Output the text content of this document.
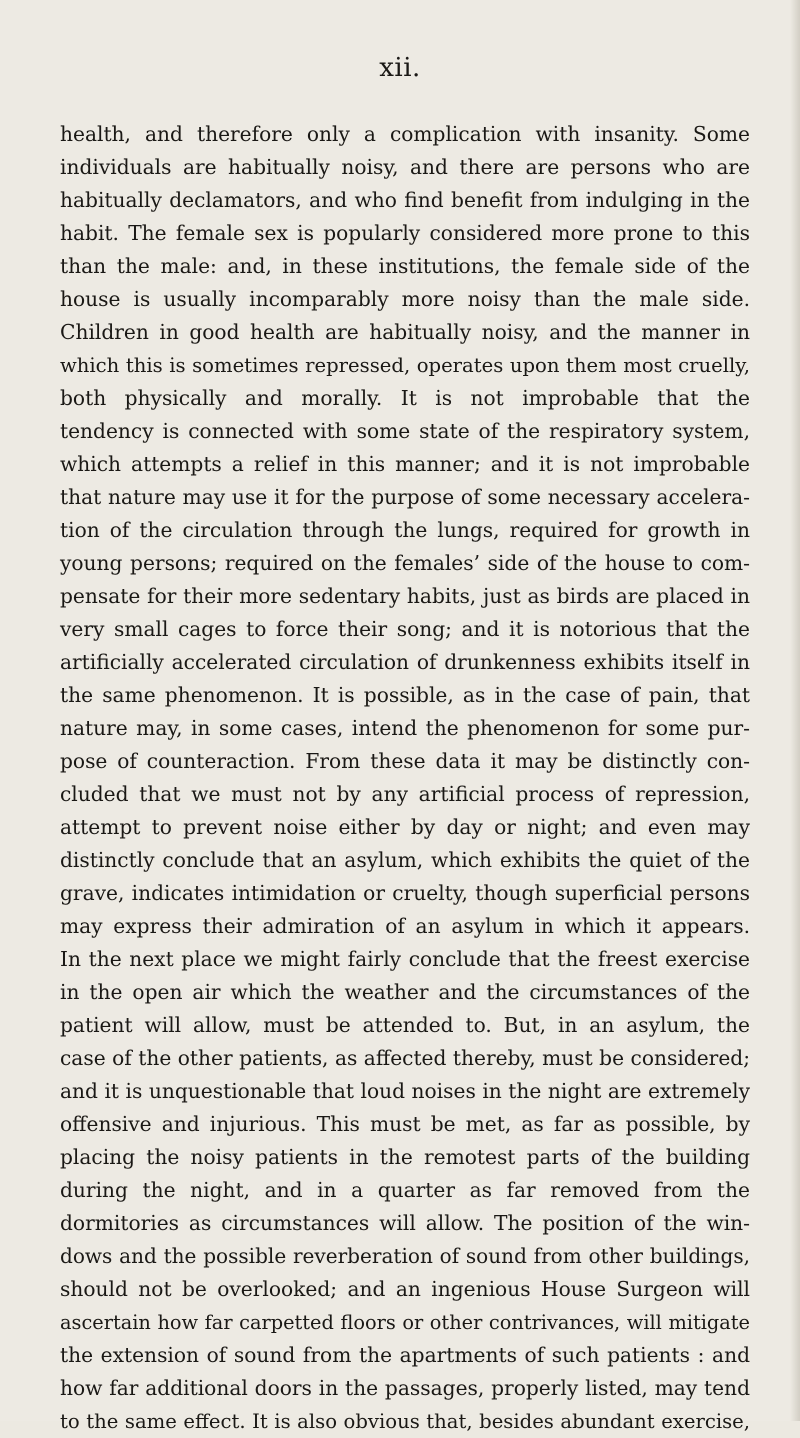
xii.
health, and therefore only a complication with insanity. Some
individuals are habitually noisy, and there are persons who are
habitually declamators, and who find benefit from indulging in the
habit. The female sex is popularly considered more prone to this
than the male: and, in these institutions, the female side of the
house is usually incomparably more noisy than the male side.
Children in good health are habitually noisy, and the manner in
which this is sometimes repressed, operates upon them most cruelly,
both physically and morally. It is not improbable that the
tendency is connected with some state of the respiratory system,
which attempts a relief in this manner; and it is not improbable
that nature may use it for the purpose of some necessary accelera-
tion of the circulation through the lungs, required for growth in
young persons; required on the females’ side of the house to com-
pensate for their more sedentary habits, just as birds are placed in
very small cages to force their song; and it is notorious that the
artificially accelerated circulation of drunkenness exhibits itself in
the same phenomenon. It is possible, as in the case of pain, that
nature may, in some cases, intend the phenomenon for some pur-
pose of counteraction. From these data it may be distinctly con-
cluded that we must not by any artificial process of repression,
attempt to prevent noise either by day or night; and even may
distinctly conclude that an asylum, which exhibits the quiet of the
grave, indicates intimidation or cruelty, though superficial persons
may express their admiration of an asylum in which it appears.
In the next place we might fairly conclude that the freest exercise
in the open air which the weather and the circumstances of the
patient will allow, must be attended to. But, in an asylum, the
case of the other patients, as affected thereby, must be considered;
and it is unquestionable that loud noises in the night are extremely
offensive and injurious. This must be met, as far as possible, by
placing the noisy patients in the remotest parts of the building
during the night, and in a quarter as far removed from the
dormitories as circumstances will allow. The position of the win-
dows and the possible reverberation of sound from other buildings,
should not be overlooked; and an ingenious House Surgeon will
ascertain how far carpetted floors or other contrivances, will mitigate
the extension of sound from the apartments of such patients : and
how far additional doors in the passages, properly listed, may tend
to the same effect. It is also obvious that, besides abundant exercise,
